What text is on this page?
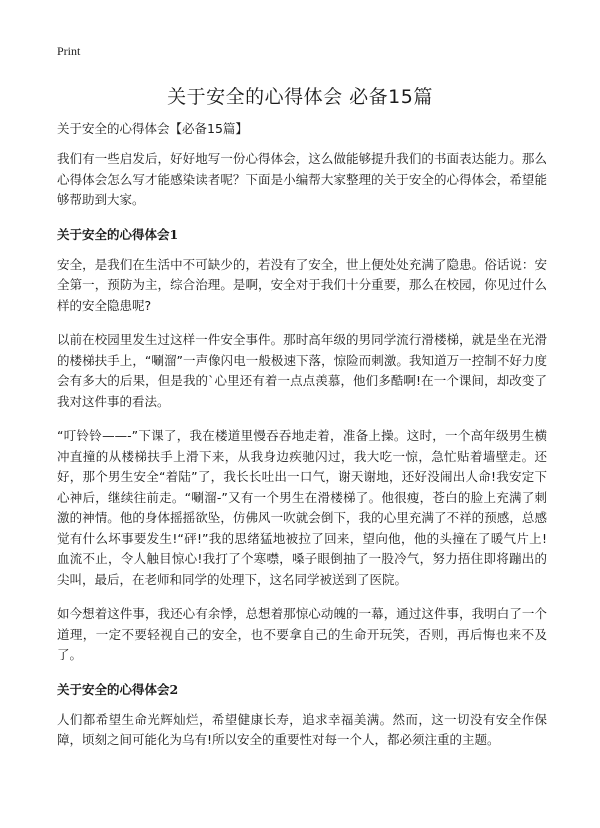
Print
关于安全的心得体会 必备15篇

关于安全的心得体会【必备15篇】

我们有一些启发后，好好地写一份心得体会，这么做能够提升我们的书面表达能力。那么心得体会怎么写才能感染读者呢？下面是小编帮大家整理的关于安全的心得体会，希望能够帮助到大家。

关于安全的心得体会1

安全，是我们在生活中不可缺少的，若没有了安全，世上便处处充满了隐患。俗话说：安全第一，预防为主，综合治理。是啊，安全对于我们十分重要，那么在校园，你见过什么样的安全隐患呢?

以前在校园里发生过这样一件安全事件。那时高年级的男同学流行滑楼梯，就是坐在光滑的楼梯扶手上，“唰溜”一声像闪电一般极速下落，惊险而刺激。我知道万一控制不好力度会有多大的后果，但是我的`心里还有着一点点羡慕，他们多酷啊!在一个课间，却改变了我对这件事的看法。

“叮铃铃——-”下课了，我在楼道里慢吞吞地走着，准备上操。这时，一个高年级男生横冲直撞的从楼梯扶手上滑下来，从我身边疾驰闪过，我大吃一惊，急忙贴着墙壁走。还好，那个男生安全“着陆”了，我长长吐出一口气，谢天谢地，还好没闹出人命!我安定下心神后，继续往前走。“唰溜-”又有一个男生在滑楼梯了。他很瘦，苍白的脸上充满了刺激的神情。他的身体摇摇欲坠，仿佛风一吹就会倒下，我的心里充满了不祥的预感，总感觉有什么坏事要发生!“砰!”我的思绪猛地被拉了回来，望向他，他的头撞在了暖气片上!血流不止，令人触目惊心!我打了个寒噤，嗓子眼倒抽了一股冷气，努力捂住即将蹦出的尖叫，最后，在老师和同学的处理下，这名同学被送到了医院。

如今想着这件事，我还心有余悸，总想着那惊心动魄的一幕，通过这件事，我明白了一个道理，一定不要轻视自己的安全，也不要拿自己的生命开玩笑，否则，再后悔也来不及了。

关于安全的心得体会2

人们都希望生命光辉灿烂，希望健康长寿，追求幸福美满。然而，这一切没有安全作保障，顷刻之间可能化为乌有!所以安全的重要性对每一个人，都必须注重的主题。
